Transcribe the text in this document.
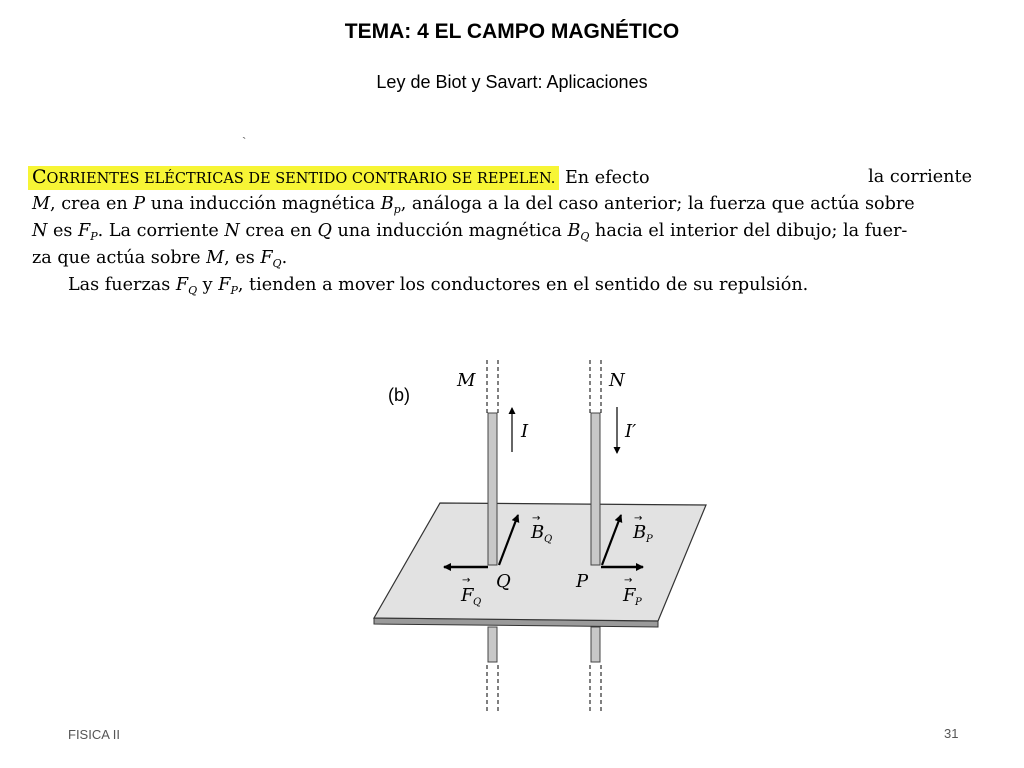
TEMA: 4 EL CAMPO MAGNÉTICO
Ley de Biot y Savart: Aplicaciones
`
CORRIENTES ELÉCTRICAS DE SENTIDO CONTRARIO SE REPELEN. En efecto	la corriente
M, crea en P una inducción magnética $B_p$, análoga a la del caso anterior; la fuerza que actúa sobre
N es $F_P$. La corriente N crea en Q una inducción magnética $B_Q$ hacia el interior del dibujo; la fuer-
za que actúa sobre M, es $F_Q$.
Las fuerzas $F_Q$ y $F_P$, tienden a mover los conductores en el sentido de su repulsión.
(b)
M	N
I	I′
Q	P
→
B Q
→
B P
→
F Q
→
F P
FISICA II	31
